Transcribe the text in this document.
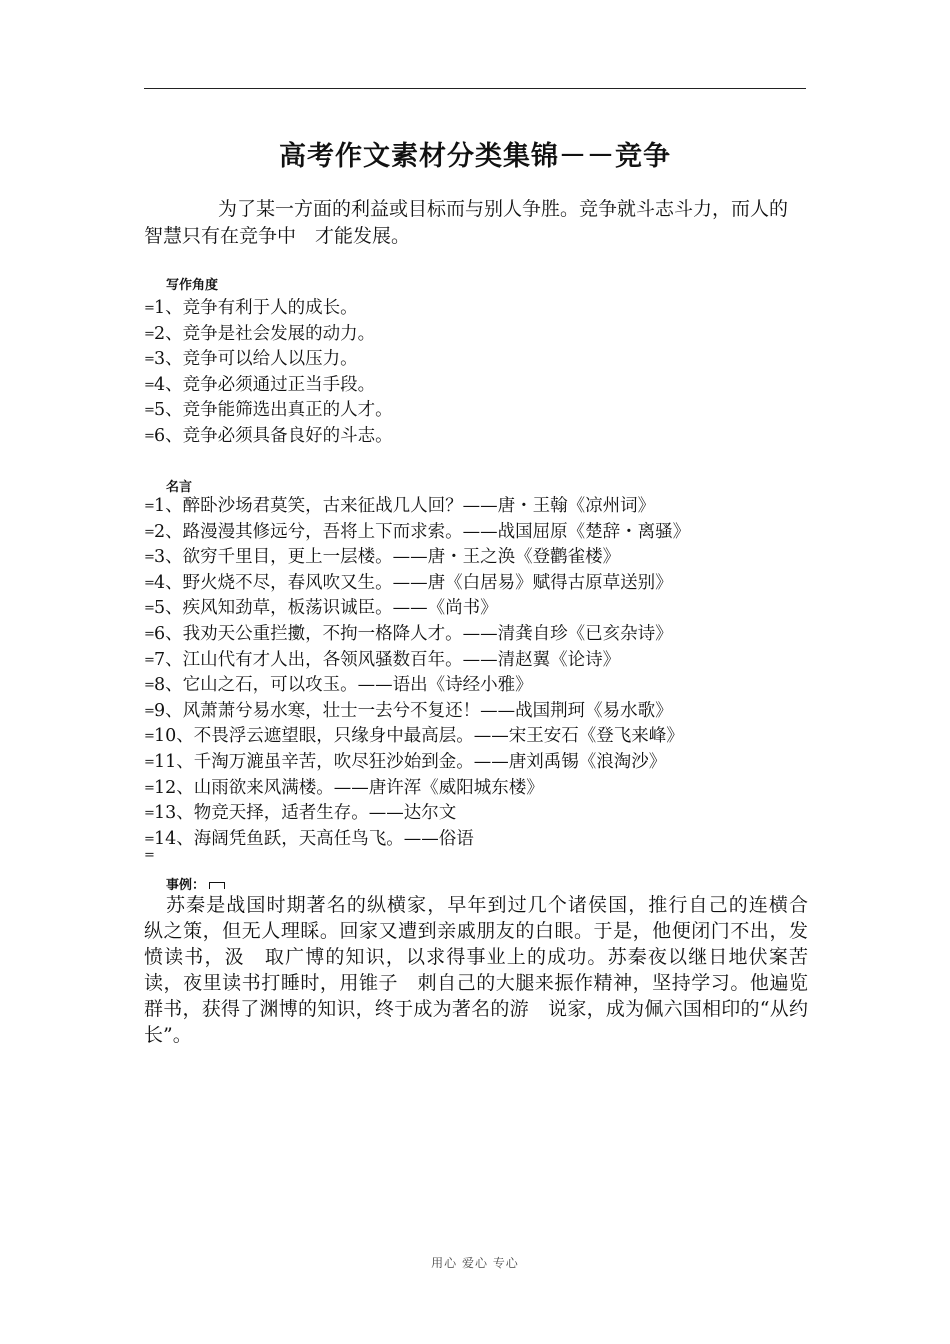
高考作文素材分类集锦－－竞争
为了某一方面的利益或目标而与别人争胜。竞争就斗志斗力，而人的智慧只有在竞争中　才能发展。
写作角度
=1、竞争有利于人的成长。
=2、竞争是社会发展的动力。
=3、竞争可以给人以压力。
=4、竞争必须通过正当手段。
=5、竞争能筛选出真正的人才。
=6、竞争必须具备良好的斗志。
名言
=1、醉卧沙场君莫笑，古来征战几人回？——唐・王翰《凉州词》
=2、路漫漫其修远兮，吾将上下而求索。——战国屈原《楚辞・离骚》
=3、欲穷千里目，更上一层楼。——唐・王之涣《登鹳雀楼》
=4、野火烧不尽，春风吹又生。——唐《白居易》赋得古原草送别》
=5、疾风知劲草，板荡识诚臣。——《尚书》
=6、我劝天公重拦擻，不拘一格降人才。——清龚自珍《已亥杂诗》
=7、江山代有才人出，各领风骚数百年。——清赵翼《论诗》
=8、它山之石，可以攻玉。——语出《诗经小雅》
=9、风萧萧兮易水寒，壮士一去兮不复还！——战国荆珂《易水歌》
=10、不畏浮云遮望眼，只缘身中最高层。——宋王安石《登飞来峰》
=11、千淘万漉虽辛苦，吹尽狂沙始到金。——唐刘禹锡《浪淘沙》
=12、山雨欲来风满楼。——唐许浑《威阳城东楼》
=13、物竞天择，适者生存。——达尔文
=14、海阔凭鱼跃，天高任鸟飞。——俗语
=
事例：
苏秦是战国时期著名的纵横家，早年到过几个诸侯国，推行自己的连横合　纵之策，但无人理睬。回家又遭到亲戚朋友的白眼。于是，他便闭门不出，发愤读书，汲　取广博的知识，以求得事业上的成功。苏秦夜以继日地伏案苦读，夜里读书打睡时，用锥子　刺自己的大腿来振作精神，坚持学习。他遍览群书，获得了渊博的知识，终于成为著名的游　说家，成为佩六国相印的“从约长”。
用心 爱心 专心
